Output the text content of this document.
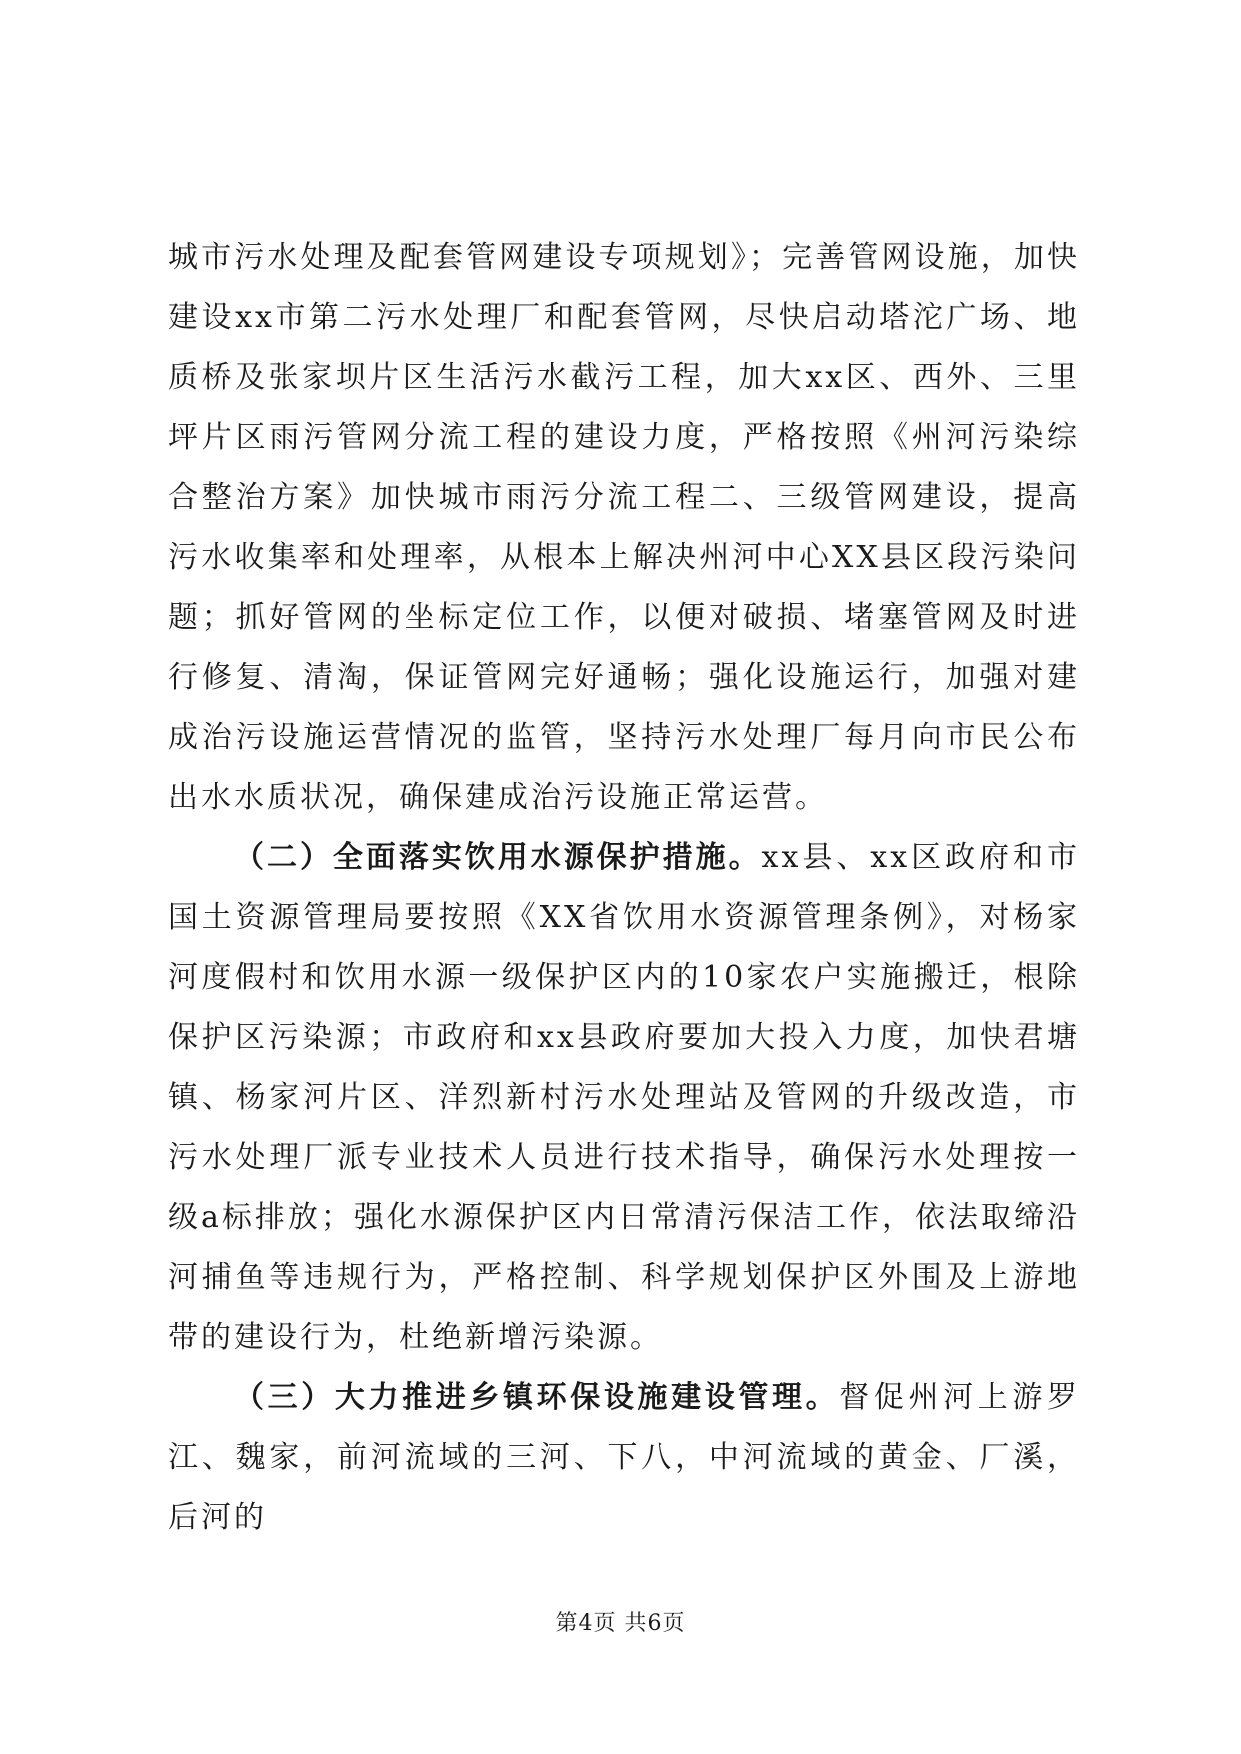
城市污水处理及配套管网建设专项规划》；完善管网设施，加快建设xx市第二污水处理厂和配套管网，尽快启动塔沱广场、地质桥及张家坝片区生活污水截污工程，加大xx区、西外、三里坪片区雨污管网分流工程的建设力度，严格按照《州河污染综合整治方案》加快城市雨污分流工程二、三级管网建设，提高污水收集率和处理率，从根本上解决州河中心XX县区段污染问题；抓好管网的坐标定位工作，以便对破损、堵塞管网及时进行修复、清淘，保证管网完好通畅；强化设施运行，加强对建成治污设施运营情况的监管，坚持污水处理厂每月向市民公布出水水质状况，确保建成治污设施正常运营。

（二）全面落实饮用水源保护措施。xx县、xx区政府和市国土资源管理局要按照《XX省饮用水资源管理条例》，对杨家河度假村和饮用水源一级保护区内的10家农户实施搬迁，根除保护区污染源；市政府和xx县政府要加大投入力度，加快君塘镇、杨家河片区、洋烈新村污水处理站及管网的升级改造，市污水处理厂派专业技术人员进行技术指导，确保污水处理按一级a标排放；强化水源保护区内日常清污保洁工作，依法取缔沿河捕鱼等违规行为，严格控制、科学规划保护区外围及上游地带的建设行为，杜绝新增污染源。

（三）大力推进乡镇环保设施建设管理。督促州河上游罗江、魏家，前河流域的三河、下八，中河流域的黄金、厂溪，后河的

第4页 共6页
